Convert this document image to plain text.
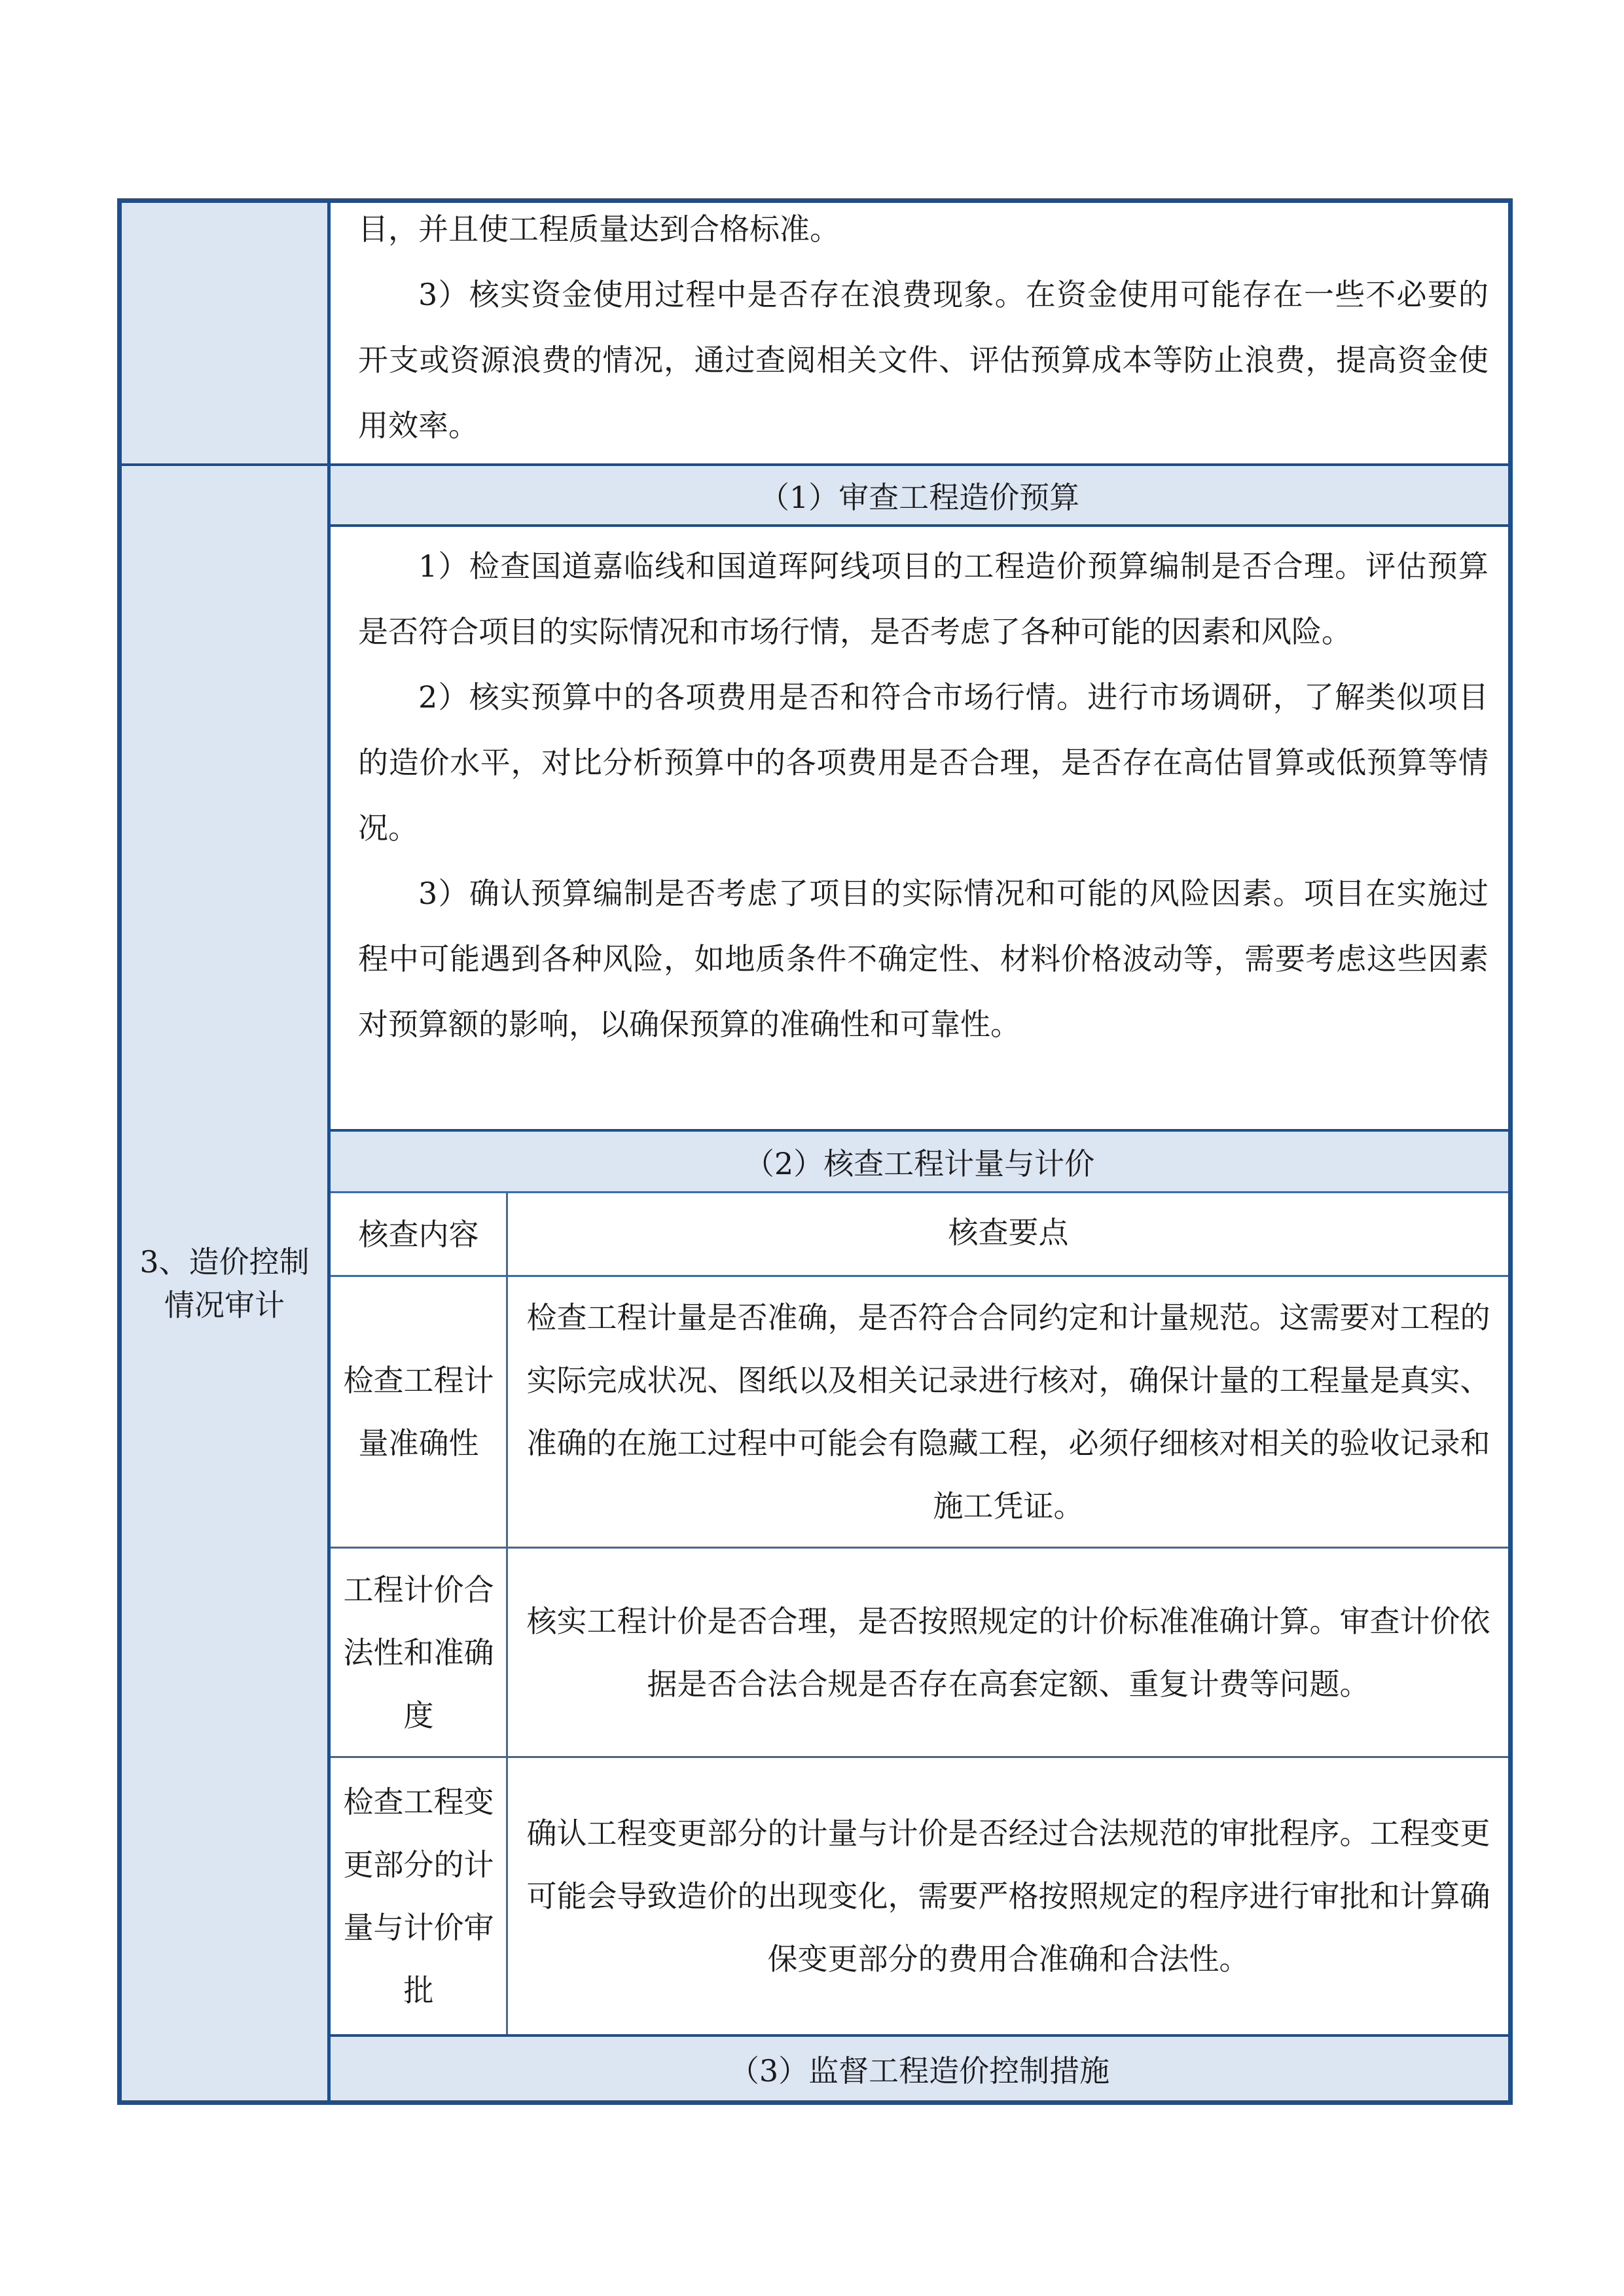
目，并且使工程质量达到合格标准。

3）核实资金使用过程中是否存在浪费现象。在资金使用可能存在一些不必要的开支或资源浪费的情况，通过查阅相关文件、评估预算成本等防止浪费，提高资金使用效率。

3、造价控制情况审计
（1）审查工程造价预算

1）检查国道嘉临线和国道珲阿线项目的工程造价预算编制是否合理。评估预算是否符合项目的实际情况和市场行情，是否考虑了各种可能的因素和风险。

2）核实预算中的各项费用是否和符合市场行情。进行市场调研，了解类似项目的造价水平，对比分析预算中的各项费用是否合理，是否存在高估冒算或低预算等情况。

3）确认预算编制是否考虑了项目的实际情况和可能的风险因素。项目在实施过程中可能遇到各种风险，如地质条件不确定性、材料价格波动等，需要考虑这些因素对预算额的影响，以确保预算的准确性和可靠性。

（2）核查工程计量与计价
核查内容	核查要点
检查工程计量准确性
检查工程计量是否准确，是否符合合同约定和计量规范。这需要对工程的实际完成状况、图纸以及相关记录进行核对，确保计量的工程量是真实、准确的在施工过程中可能会有隐藏工程，必须仔细核对相关的验收记录和施工凭证。
工程计价合法性和准确度
核实工程计价是否合理，是否按照规定的计价标准准确计算。审查计价依据是否合法合规是否存在高套定额、重复计费等问题。
检查工程变更部分的计量与计价审批
确认工程变更部分的计量与计价是否经过合法规范的审批程序。工程变更可能会导致造价的出现变化，需要严格按照规定的程序进行审批和计算确保变更部分的费用合准确和合法性。
（3）监督工程造价控制措施
